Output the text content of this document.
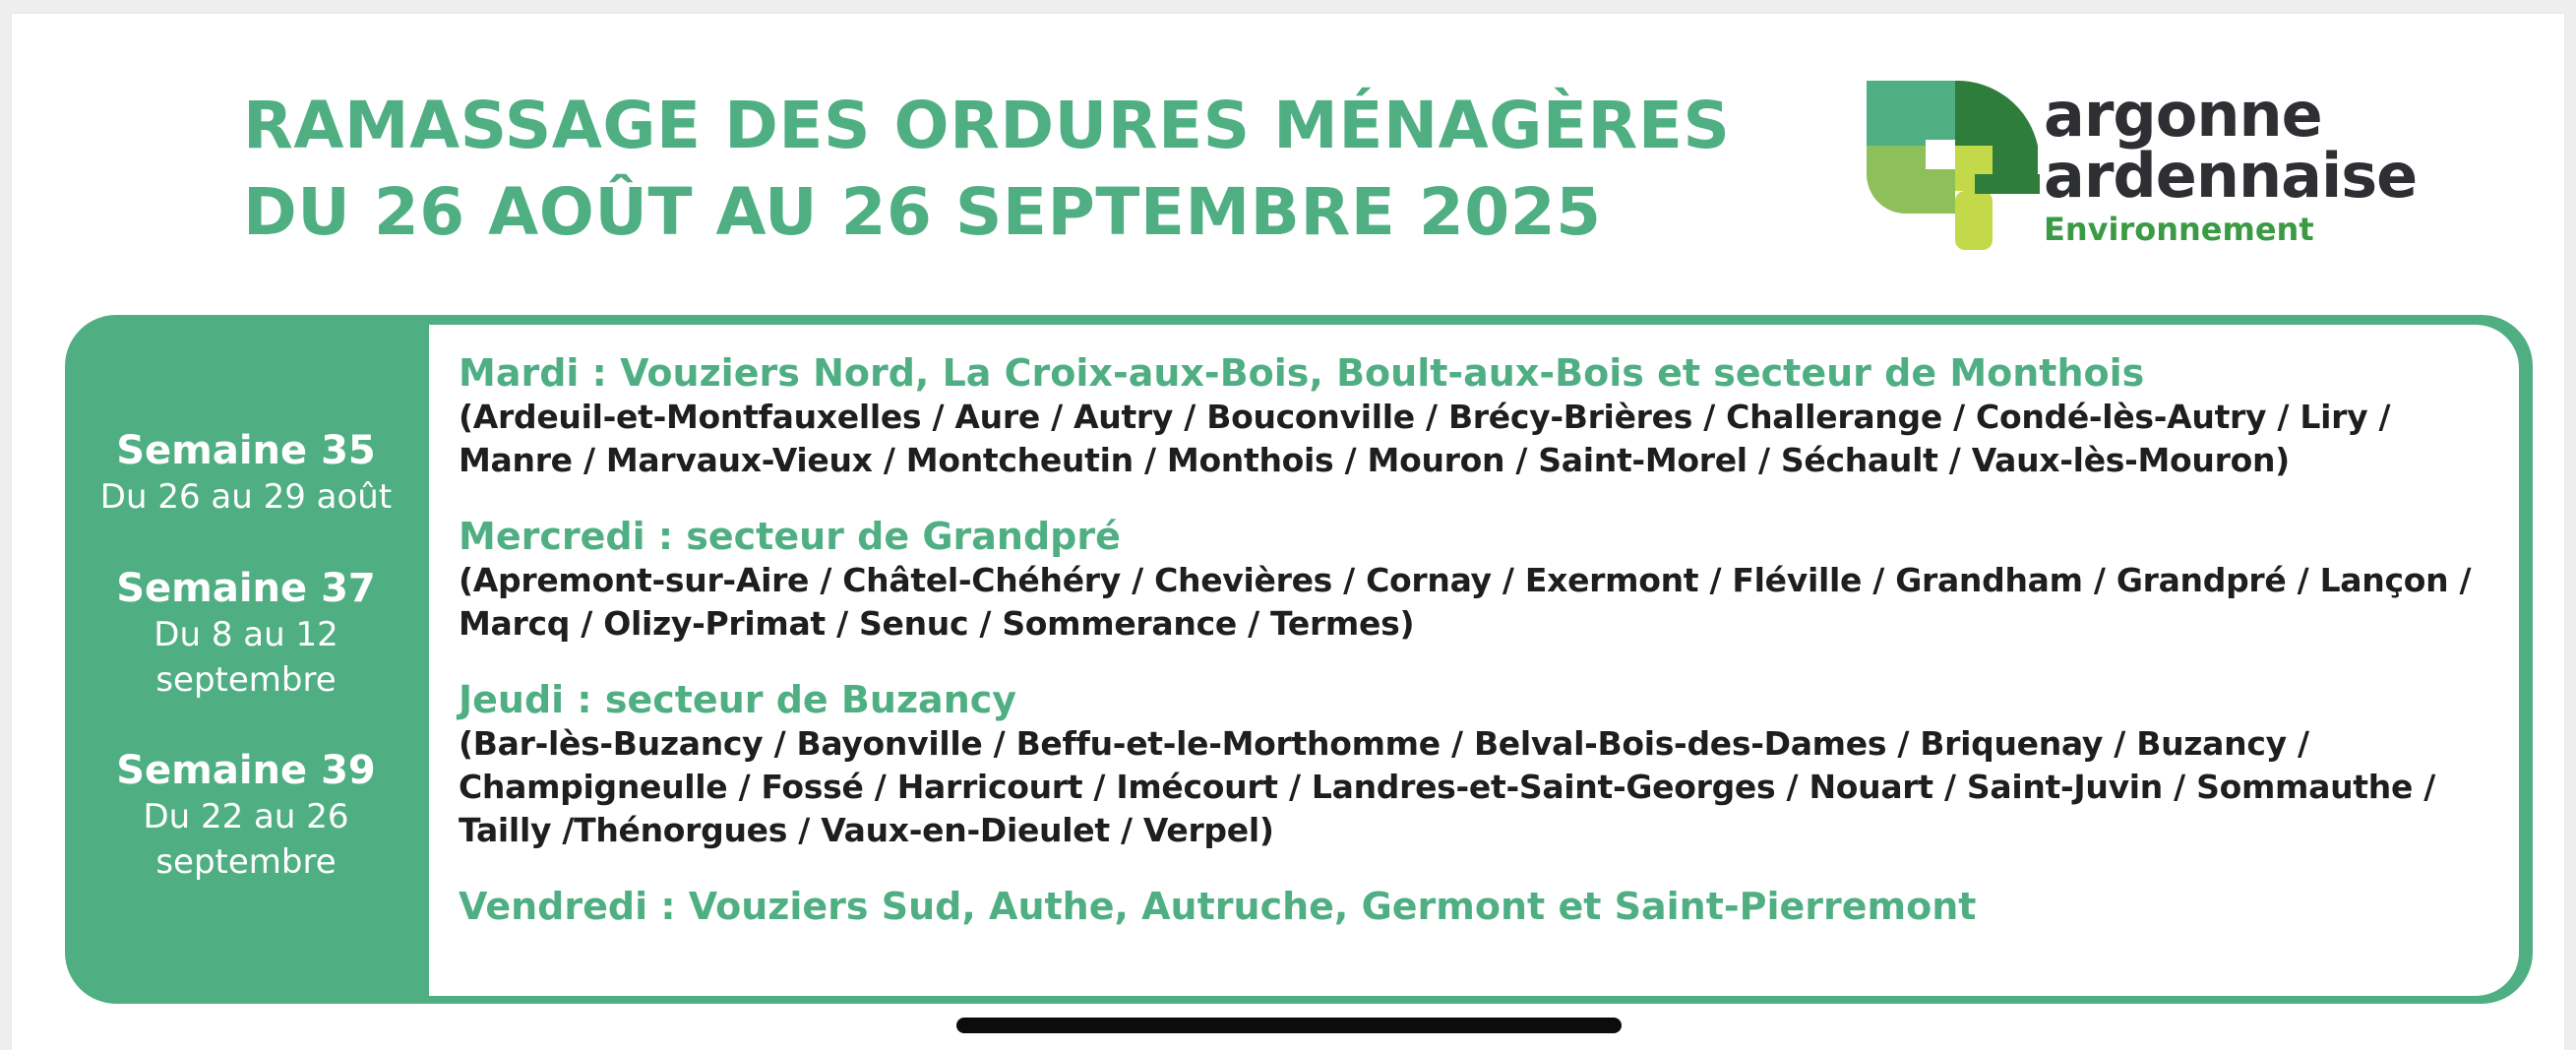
RAMASSAGE DES ORDURES MÉNAGÈRES
DU 26 AOÛT AU 26 SEPTEMBRE 2025
argonne
ardennaise
Environnement
Semaine 35
Du 26 au 29 août
Semaine 37
Du 8 au 12
septembre
Semaine 39
Du 22 au 26
septembre
Mardi : Vouziers Nord, La Croix-aux-Bois, Boult-aux-Bois et secteur de Monthois
(Ardeuil-et-Montfauxelles / Aure / Autry / Bouconville / Brécy-Brières / Challerange / Condé-lès-Autry / Liry / Manre / Marvaux-Vieux / Montcheutin / Monthois / Mouron / Saint-Morel / Séchault / Vaux-lès-Mouron)
Mercredi : secteur de Grandpré
(Apremont-sur-Aire / Châtel-Chéhéry / Chevières / Cornay / Exermont / Fléville / Grandham / Grandpré / Lançon / Marcq / Olizy-Primat / Senuc / Sommerance / Termes)
Jeudi : secteur de Buzancy
(Bar-lès-Buzancy / Bayonville / Beffu-et-le-Morthomme / Belval-Bois-des-Dames / Briquenay / Buzancy / Champigneulle / Fossé / Harricourt / Imécourt / Landres-et-Saint-Georges / Nouart / Saint-Juvin / Sommauthe / Tailly /Thénorgues / Vaux-en-Dieulet / Verpel)
Vendredi : Vouziers Sud, Authe, Autruche, Germont et Saint-Pierremont
